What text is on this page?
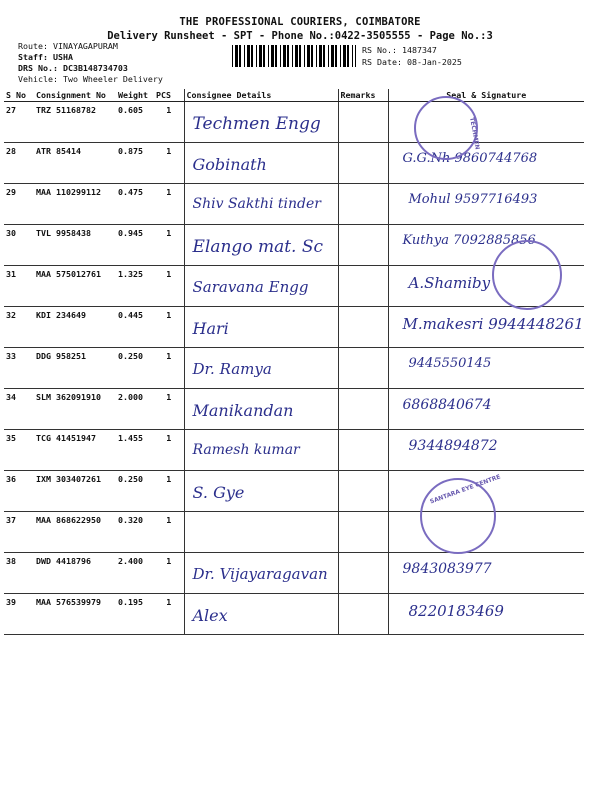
THE PROFESSIONAL COURIERS, COIMBATORE
Delivery Runsheet - SPT - Phone No.:0422-3505555 - Page No.:3
Route: VINAYAGAPURAM
Staff: USHA
DRS No.: DC3B148734703
Vehicle: Two Wheeler Delivery
RS No.: 1487347
RS Date: 08-Jan-2025
S No	Consignment No	Weight	PCS	Consignee Details	Remarks	Seal & Signature
27	TRZ 51168782	0.605	1	Techmen Engg		

28	ATR 85414	0.875	1	Gobinath		G.G.Nh 9860744768

29	MAA 110299112	0.475	1	Shiv Sakthi tinder		Mohul 9597716493

30	TVL 9958438	0.945	1	Elango mat. Sc		Kuthya 7092885856

31	MAA 575012761	1.325	1	Saravana Engg		A.Shamiby

32	KDI 234649	0.445	1	Hari		M.makesri 9944448261

33	DDG 958251	0.250	1	Dr. Ramya		9445550145

34	SLM 362091910	2.000	1	Manikandan		6868840674

35	TCG 41451947	1.455	1	Ramesh kumar		9344894872

36	IXM 303407261	0.250	1	S. Gye		

37	MAA 868622950	0.320	1	

38	DWD 4418796	2.400	1	Dr. Vijayaragavan		9843083977

39	MAA 576539979	0.195	1	Alex		8220183469
TECHMEN
SANTARA EYE CENTRE
